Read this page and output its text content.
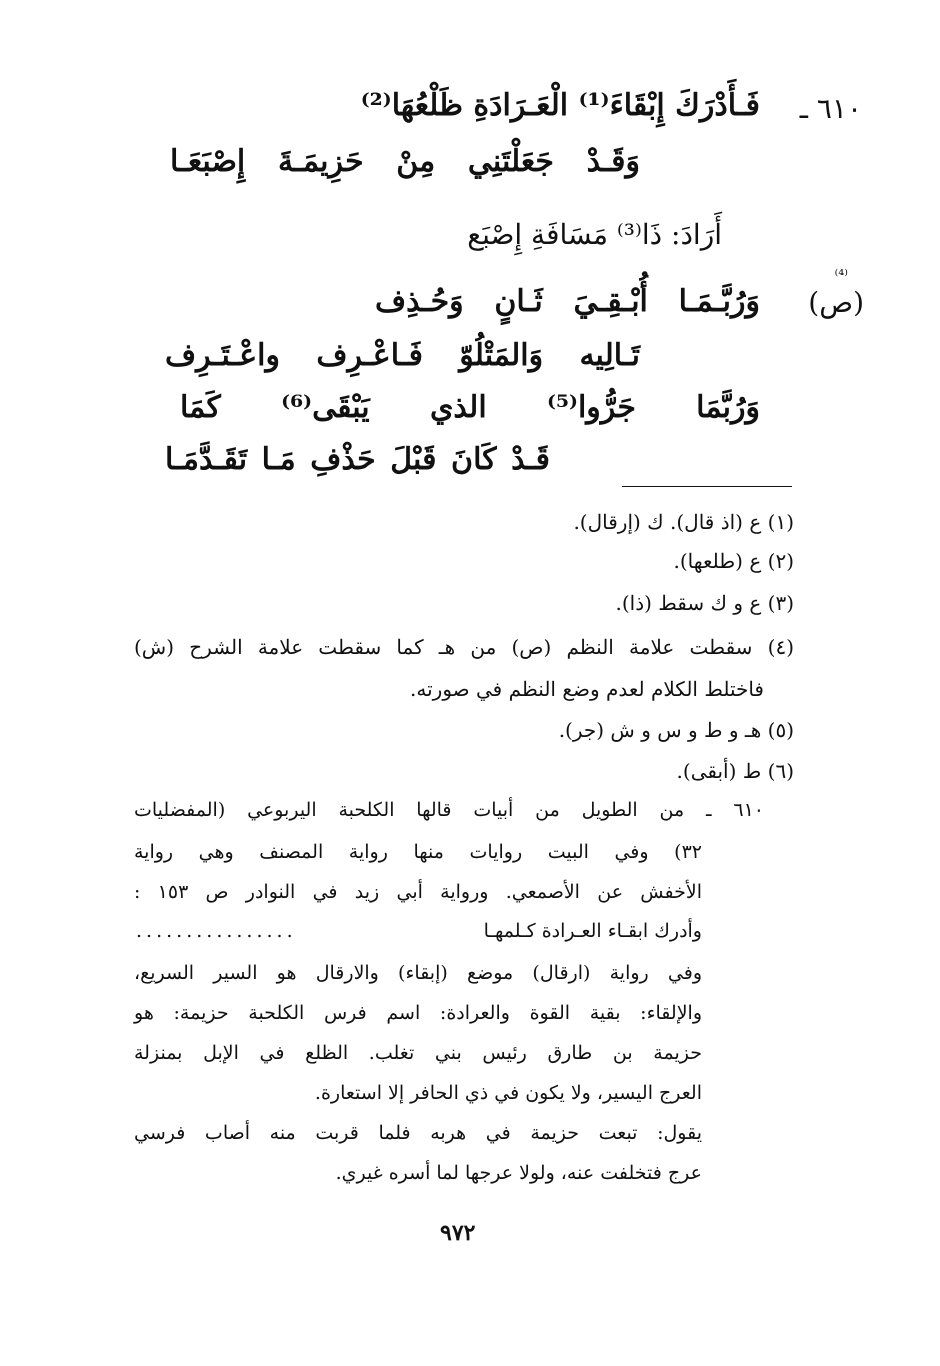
٦١٠ ـ
فَـأَدْرَكَ إِبْقَاءَ⁽¹⁾ الْعَـرَادَةِ ظَلْعُهَا⁽²⁾
وَقَـدْ جَعَلْتَنِي مِنْ حَزِيمَـةَ إِصْبَعَـا
أَرَادَ: ذَا⁽³⁾ مَسَافَةِ إِصْبَع
⁽⁴⁾
(ص)
وَرُبَّـمَـا أُبْـقِـيَ ثَـانٍ وَحُـذِف
تَـالِيه وَالمَتْلُوّ فَـاعْـرِف واعْـتَـرِف
وَرُبَّمَا جَرُّوا⁽⁵⁾ الذي يَبْقَى⁽⁶⁾ كَمَا
قَـدْ كَانَ قَبْلَ حَذْفِ مَـا تَقَـدَّمَـا
(١) ع (اذ قال). ك (إرقال).
(٢) ع (طلعها).
(٣) ع و ك سقط (ذا).
(٤) سقطت علامة النظم (ص) من هـ كما سقطت علامة الشرح (ش)
فاختلط الكلام لعدم وضع النظم في صورته.
(٥) هـ و ط و س و ش (جر).
(٦) ط (أبقى).
٦١٠ ـ من الطويل من أبيات قالها الكلحبة اليربوعي (المفضليات
٣٢) وفي البيت روايات منها رواية المصنف وهي رواية
الأخفش عن الأصمعي. ورواية أبي زيد في النوادر ص ١٥٣ :
وأدرك ابقـاء العـرادة كـلمهـا
................
وفي رواية (ارقال) موضع (إبقاء) والارقال هو السير السريع،
والإلقاء: بقية القوة والعرادة: اسم فرس الكلحبة حزيمة: هو
حزيمة بن طارق رئيس بني تغلب. الظلع في الإبل بمنزلة
العرج اليسير، ولا يكون في ذي الحافر إلا استعارة.
يقول: تبعت حزيمة في هربه فلما قربت منه أصاب فرسي
عرج فتخلفت عنه، ولولا عرجها لما أسره غيري.
٩٧٢
